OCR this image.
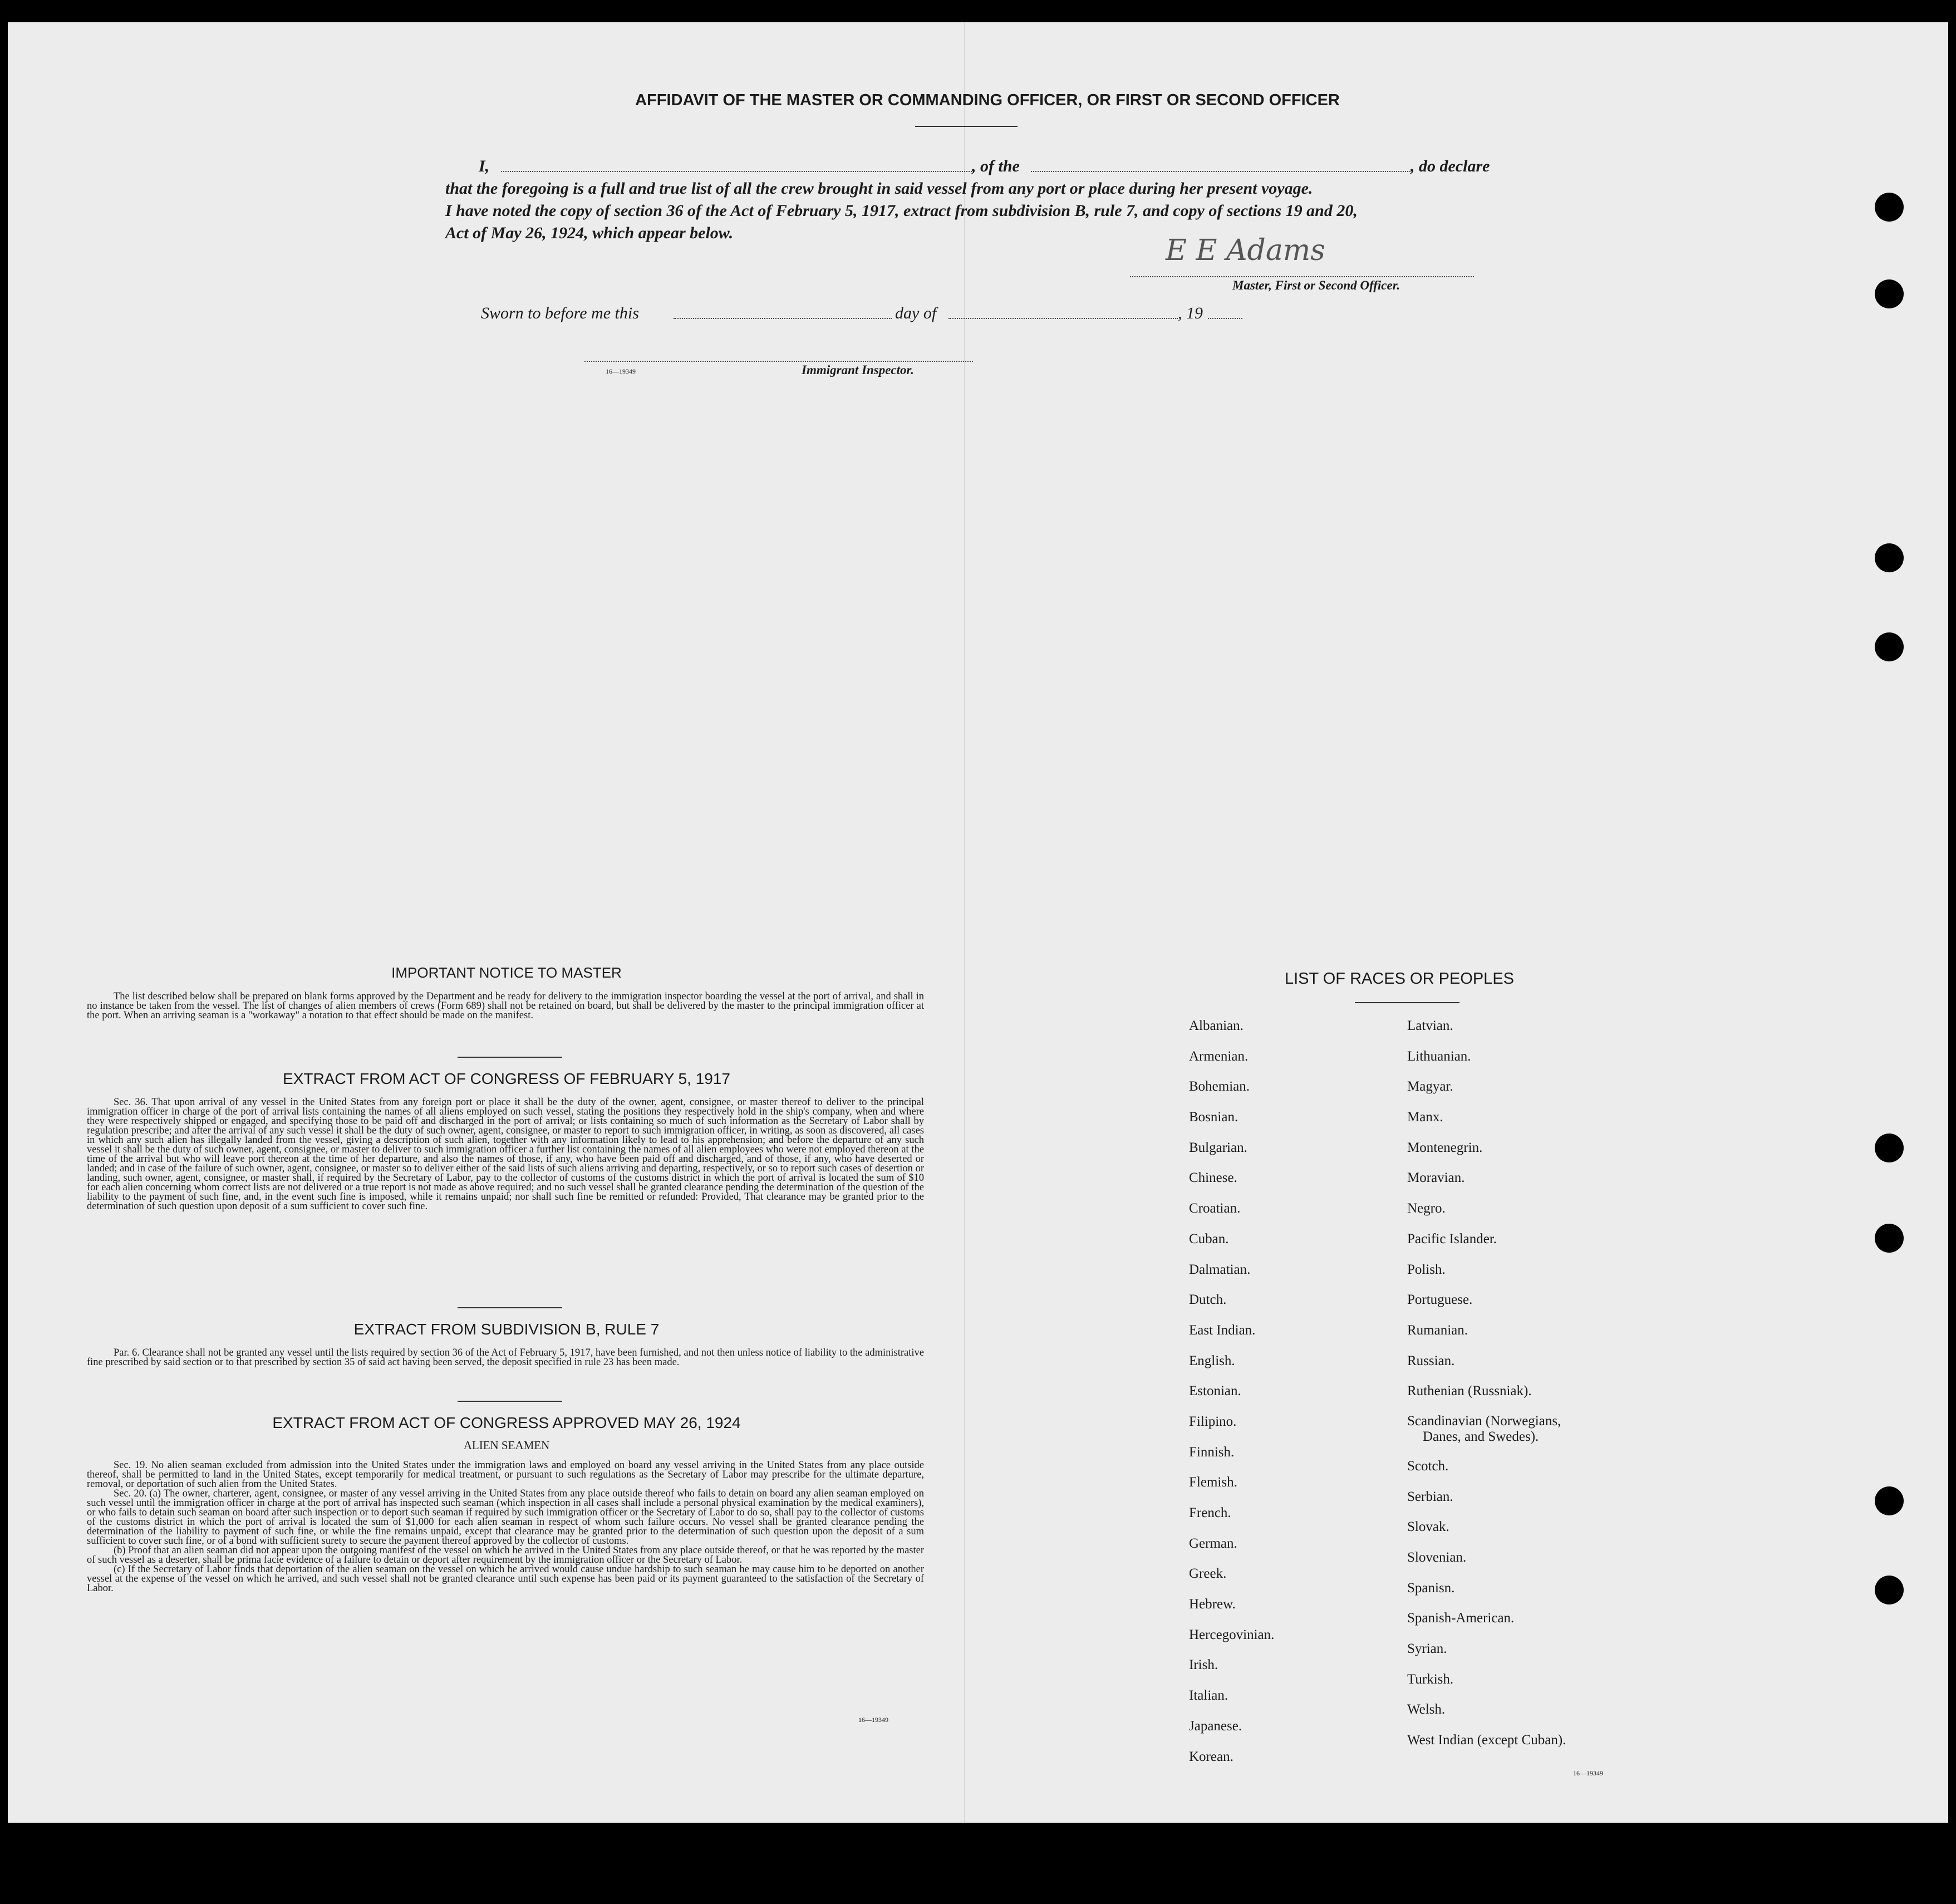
AFFIDAVIT OF THE MASTER OR COMMANDING OFFICER, OR FIRST OR SECOND OFFICER
I,	, of the	, do declare
that the foregoing is a full and true list of all the crew brought in said vessel from any port or place during her present voyage.
I have noted the copy of section 36 of the Act of February 5, 1917, extract from subdivision B, rule 7, and copy of sections 19 and 20,
Act of May 26, 1924, which appear below.
E E Adams
Master, First or Second Officer.
Sworn to before me this	day of	, 19
16—19349	Immigrant Inspector.
IMPORTANT NOTICE TO MASTER

The list described below shall be prepared on blank forms approved by the Department and be ready for delivery to the immigration inspector boarding the vessel at the port of arrival, and shall in no instance be taken from the vessel. The list of changes of alien members of crews (Form 689) shall not be retained on board, but shall be delivered by the master to the principal immigration officer at the port. When an arriving seaman is a "workaway" a notation to that effect should be made on the manifest.

EXTRACT FROM ACT OF CONGRESS OF FEBRUARY 5, 1917

Sec. 36. That upon arrival of any vessel in the United States from any foreign port or place it shall be the duty of the owner, agent, consignee, or master thereof to deliver to the principal immigration officer in charge of the port of arrival lists containing the names of all aliens employed on such vessel, stating the positions they respectively hold in the ship's company, when and where they were respectively shipped or engaged, and specifying those to be paid off and discharged in the port of arrival; or lists containing so much of such information as the Secretary of Labor shall by regulation prescribe; and after the arrival of any such vessel it shall be the duty of such owner, agent, consignee, or master to report to such immigration officer, in writing, as soon as discovered, all cases in which any such alien has illegally landed from the vessel, giving a description of such alien, together with any information likely to lead to his apprehension; and before the departure of any such vessel it shall be the duty of such owner, agent, consignee, or master to deliver to such immigration officer a further list containing the names of all alien employees who were not employed thereon at the time of the arrival but who will leave port thereon at the time of her departure, and also the names of those, if any, who have been paid off and discharged, and of those, if any, who have deserted or landed; and in case of the failure of such owner, agent, consignee, or master so to deliver either of the said lists of such aliens arriving and departing, respectively, or so to report such cases of desertion or landing, such owner, agent, consignee, or master shall, if required by the Secretary of Labor, pay to the collector of customs of the customs district in which the port of arrival is located the sum of $10 for each alien concerning whom correct lists are not delivered or a true report is not made as above required; and no such vessel shall be granted clearance pending the determination of the question of the liability to the payment of such fine, and, in the event such fine is imposed, while it remains unpaid; nor shall such fine be remitted or refunded: Provided, That clearance may be granted prior to the determination of such question upon deposit of a sum sufficient to cover such fine.

EXTRACT FROM SUBDIVISION B, RULE 7

Par. 6. Clearance shall not be granted any vessel until the lists required by section 36 of the Act of February 5, 1917, have been furnished, and not then unless notice of liability to the administrative fine prescribed by said section or to that prescribed by section 35 of said act having been served, the deposit specified in rule 23 has been made.

EXTRACT FROM ACT OF CONGRESS APPROVED MAY 26, 1924
ALIEN SEAMEN

Sec. 19. No alien seaman excluded from admission into the United States under the immigration laws and employed on board any vessel arriving in the United States from any place outside thereof, shall be permitted to land in the United States, except temporarily for medical treatment, or pursuant to such regulations as the Secretary of Labor may prescribe for the ultimate departure, removal, or deportation of such alien from the United States.

Sec. 20. (a) The owner, charterer, agent, consignee, or master of any vessel arriving in the United States from any place outside thereof who fails to detain on board any alien seaman employed on such vessel until the immigration officer in charge at the port of arrival has inspected such seaman (which inspection in all cases shall include a personal physical examination by the medical examiners), or who fails to detain such seaman on board after such inspection or to deport such seaman if required by such immigration officer or the Secretary of Labor to do so, shall pay to the collector of customs of the customs district in which the port of arrival is located the sum of $1,000 for each alien seaman in respect of whom such failure occurs. No vessel shall be granted clearance pending the determination of the liability to payment of such fine, or while the fine remains unpaid, except that clearance may be granted prior to the determination of such question upon the deposit of a sum sufficient to cover such fine, or of a bond with sufficient surety to secure the payment thereof approved by the collector of customs.

(b) Proof that an alien seaman did not appear upon the outgoing manifest of the vessel on which he arrived in the United States from any place outside thereof, or that he was reported by the master of such vessel as a deserter, shall be prima facie evidence of a failure to detain or deport after requirement by the immigration officer or the Secretary of Labor.

(c) If the Secretary of Labor finds that deportation of the alien seaman on the vessel on which he arrived would cause undue hardship to such seaman he may cause him to be deported on another vessel at the expense of the vessel on which he arrived, and such vessel shall not be granted clearance until such expense has been paid or its payment guaranteed to the satisfaction of the Secretary of Labor.

16—19349
LIST OF RACES OR PEOPLES
Albanian.
Armenian.
Bohemian.
Bosnian.
Bulgarian.
Chinese.
Croatian.
Cuban.
Dalmatian.
Dutch.
East Indian.
English.
Estonian.
Filipino.
Finnish.
Flemish.
French.
German.
Greek.
Hebrew.
Hercegovinian.
Irish.
Italian.
Japanese.
Korean.
Latvian.
Lithuanian.
Magyar.
Manx.
Montenegrin.
Moravian.
Negro.
Pacific Islander.
Polish.
Portuguese.
Rumanian.
Russian.
Ruthenian (Russniak).
Scandinavian (Norwegians,
Danes, and Swedes).
Scotch.
Serbian.
Slovak.
Slovenian.
Spanisn.
Spanish-American.
Syrian.
Turkish.
Welsh.
West Indian (except Cuban).
16—19349
